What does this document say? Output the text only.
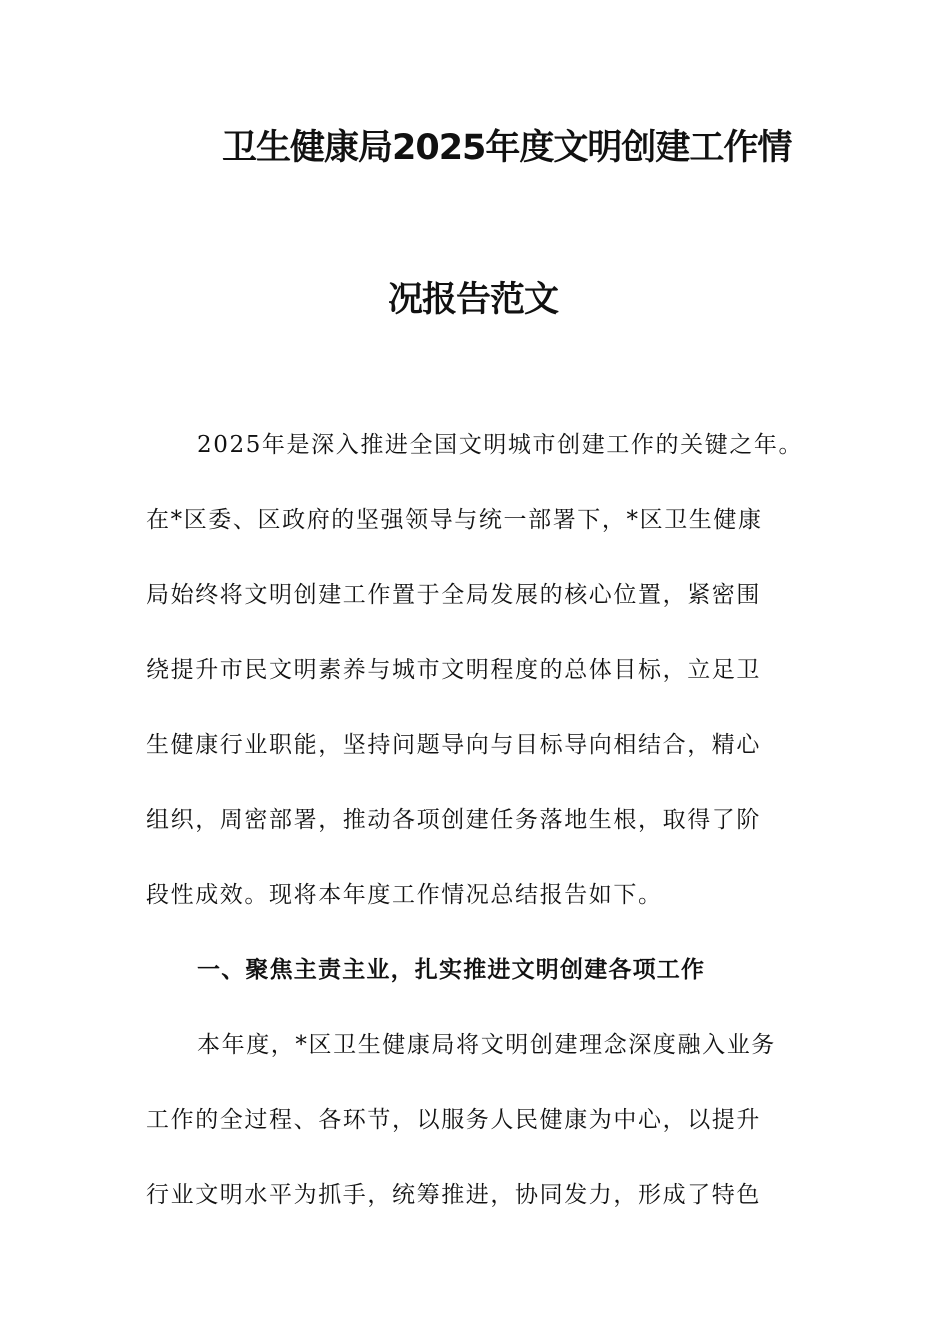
卫生健康局2025年度文明创建工作情
况报告范文
2025年是深入推进全国文明城市创建工作的关键之年。
在*区委、区政府的坚强领导与统一部署下，*区卫生健康
局始终将文明创建工作置于全局发展的核心位置，紧密围
绕提升市民文明素养与城市文明程度的总体目标，立足卫
生健康行业职能，坚持问题导向与目标导向相结合，精心
组织，周密部署，推动各项创建任务落地生根，取得了阶
段性成效。现将本年度工作情况总结报告如下。
一、聚焦主责主业，扎实推进文明创建各项工作
本年度，*区卫生健康局将文明创建理念深度融入业务
工作的全过程、各环节，以服务人民健康为中心，以提升
行业文明水平为抓手，统筹推进，协同发力，形成了特色
